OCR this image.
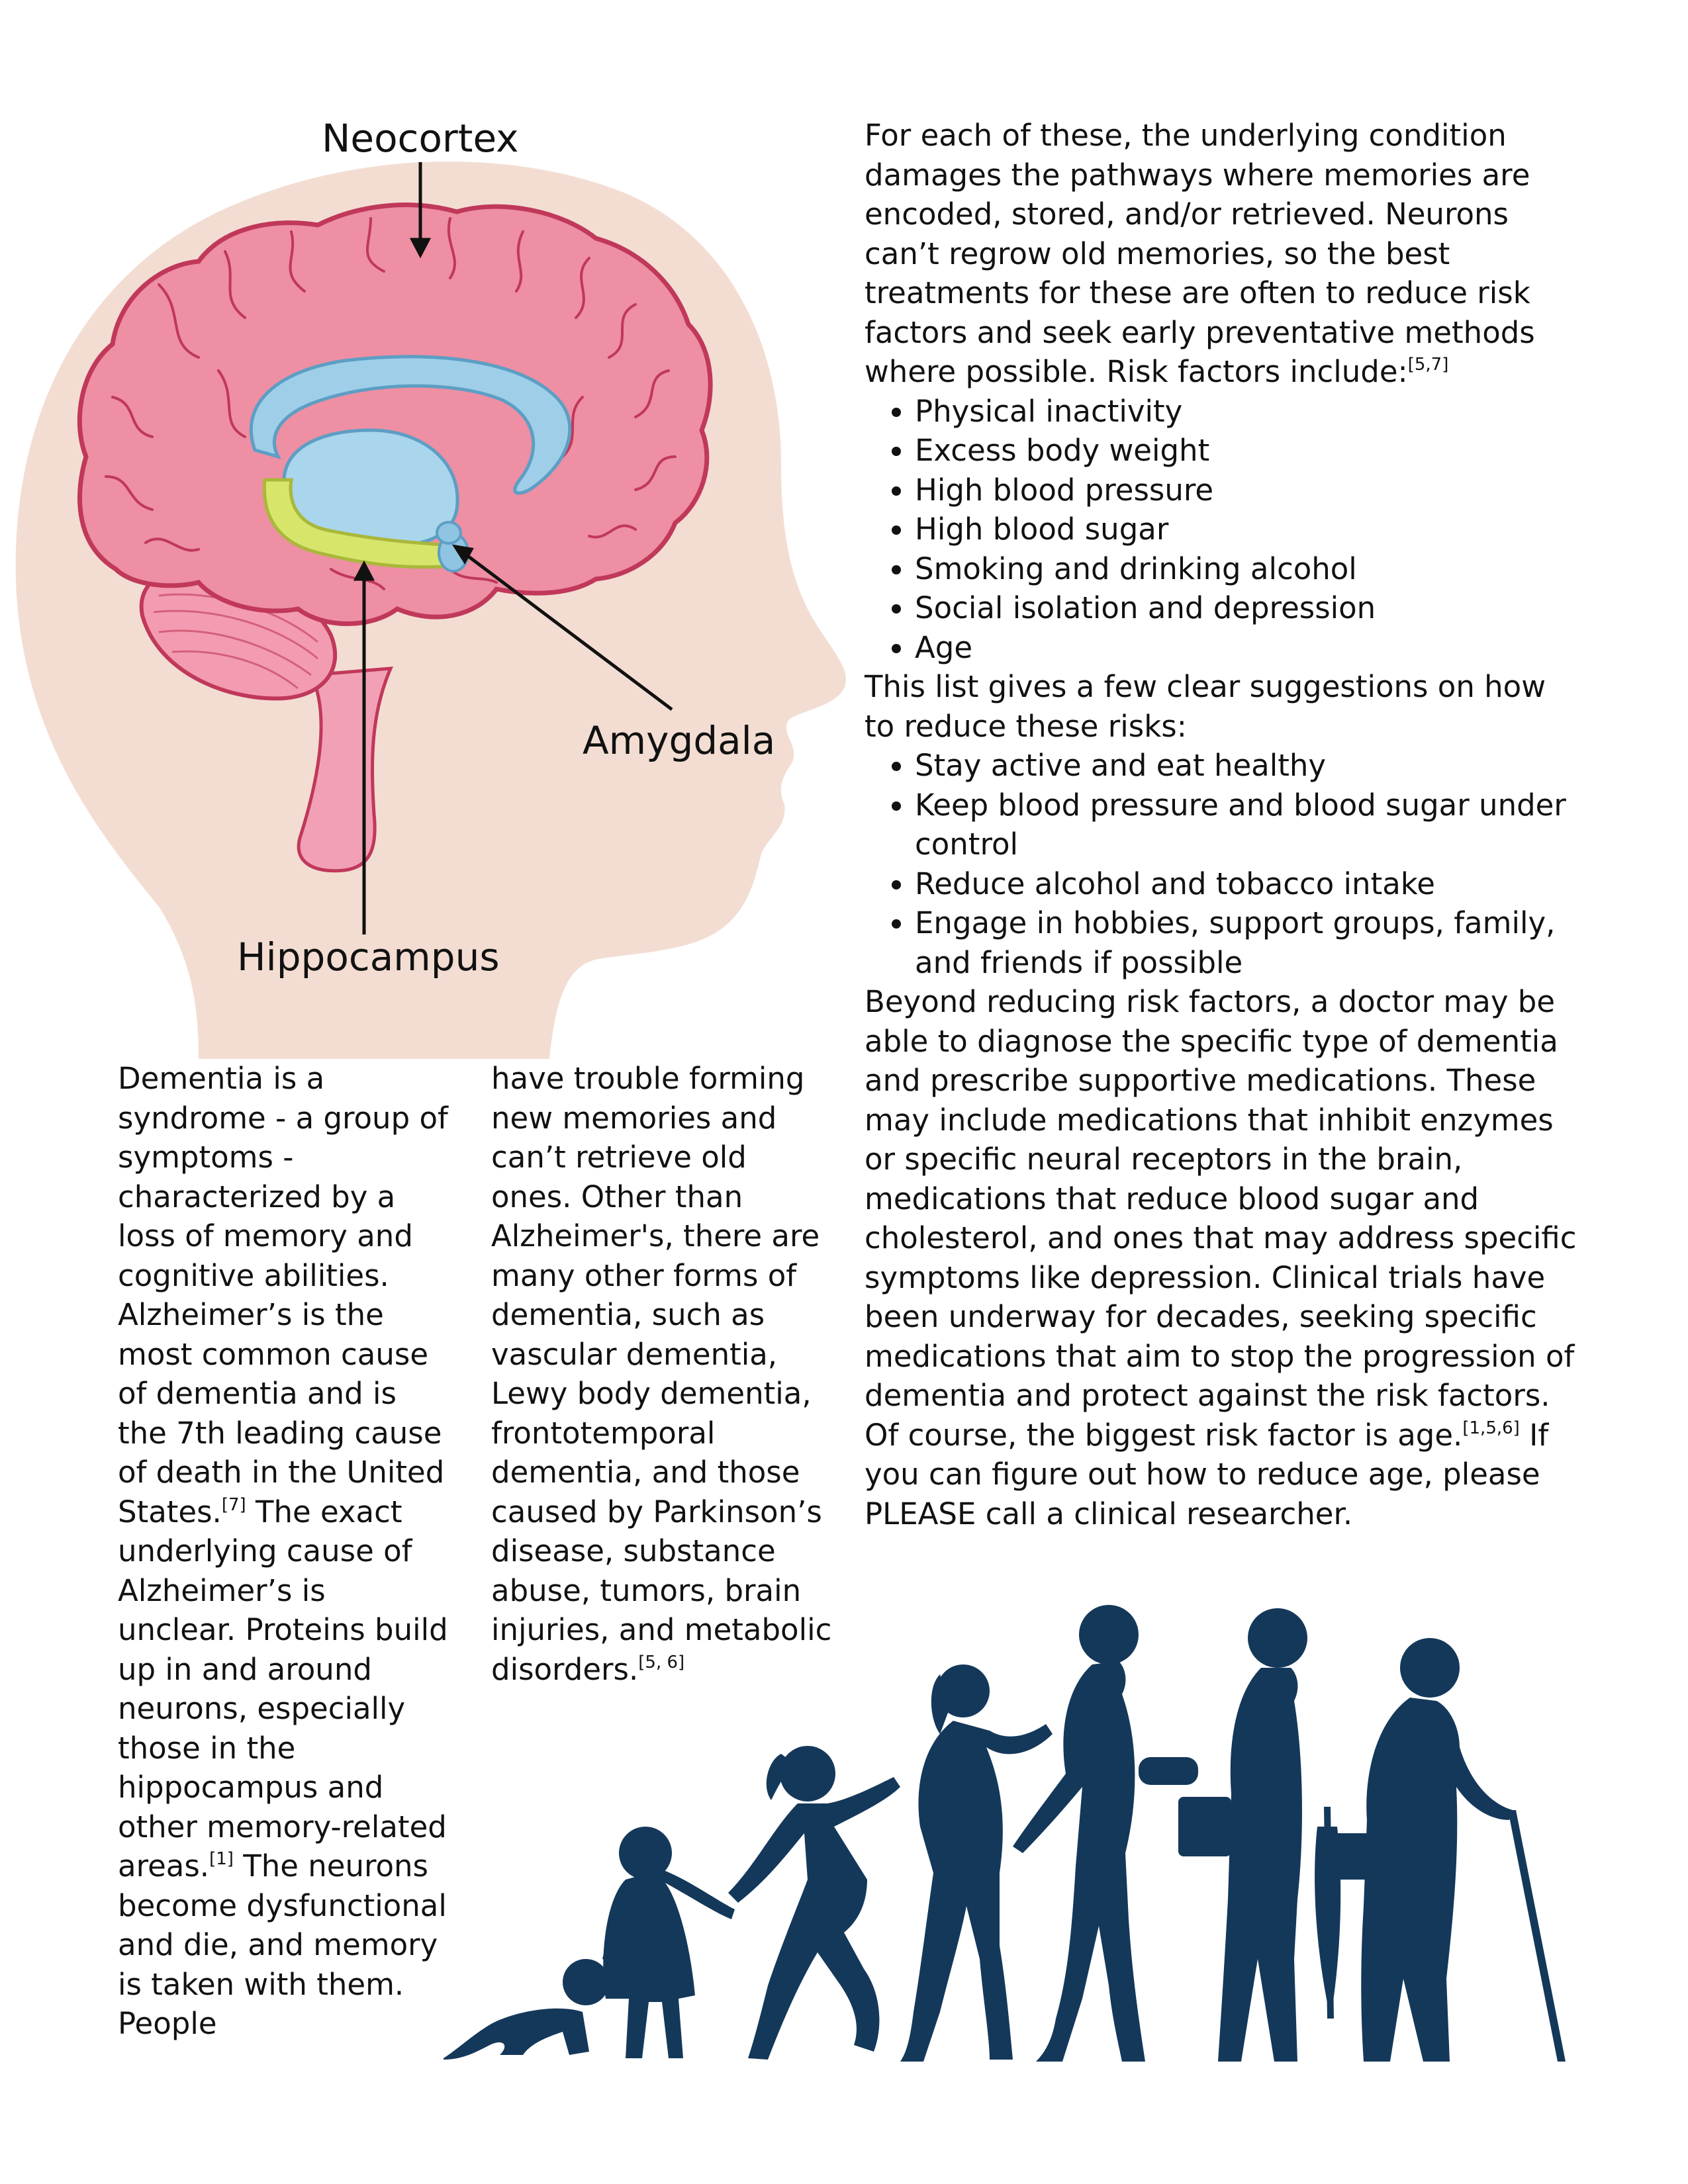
Neocortex
Amygdala
Hippocampus

Dementia is a syndrome - a group of symptoms - characterized by a loss of memory and cognitive abilities. Alzheimer’s is the most common cause of dementia and is the 7th leading cause of death in the United States.[7] The exact underlying cause of Alzheimer’s is unclear. Proteins build up in and around neurons, especially those in the hippocampus and other memory-related areas.[1] The neurons become dysfunctional and die, and memory is taken with them. People

have trouble forming new memories and can’t retrieve old ones. Other than Alzheimer's, there are many other forms of dementia, such as vascular dementia, Lewy body dementia, frontotemporal dementia, and those caused by Parkinson’s disease, substance abuse, tumors, brain injuries, and metabolic disorders.[5, 6]

For each of these, the underlying condition damages the pathways where memories are encoded, stored, and/or retrieved. Neurons can’t regrow old memories, so the best treatments for these are often to reduce risk factors and seek early preventative methods where possible. Risk factors include:[5,7]

• Physical inactivity
• Excess body weight
• High blood pressure
• High blood sugar
• Smoking and drinking alcohol
• Social isolation and depression
• Age

This list gives a few clear suggestions on how to reduce these risks:

• Stay active and eat healthy
• Keep blood pressure and blood sugar under control
• Reduce alcohol and tobacco intake
• Engage in hobbies, support groups, family, and friends if possible

Beyond reducing risk factors, a doctor may be able to diagnose the specific type of dementia and prescribe supportive medications. These may include medications that inhibit enzymes or specific neural receptors in the brain, medications that reduce blood sugar and cholesterol, and ones that may address specific symptoms like depression. Clinical trials have been underway for decades, seeking specific medications that aim to stop the progression of dementia and protect against the risk factors. Of course, the biggest risk factor is age.[1,5,6] If you can figure out how to reduce age, please PLEASE call a clinical researcher.
